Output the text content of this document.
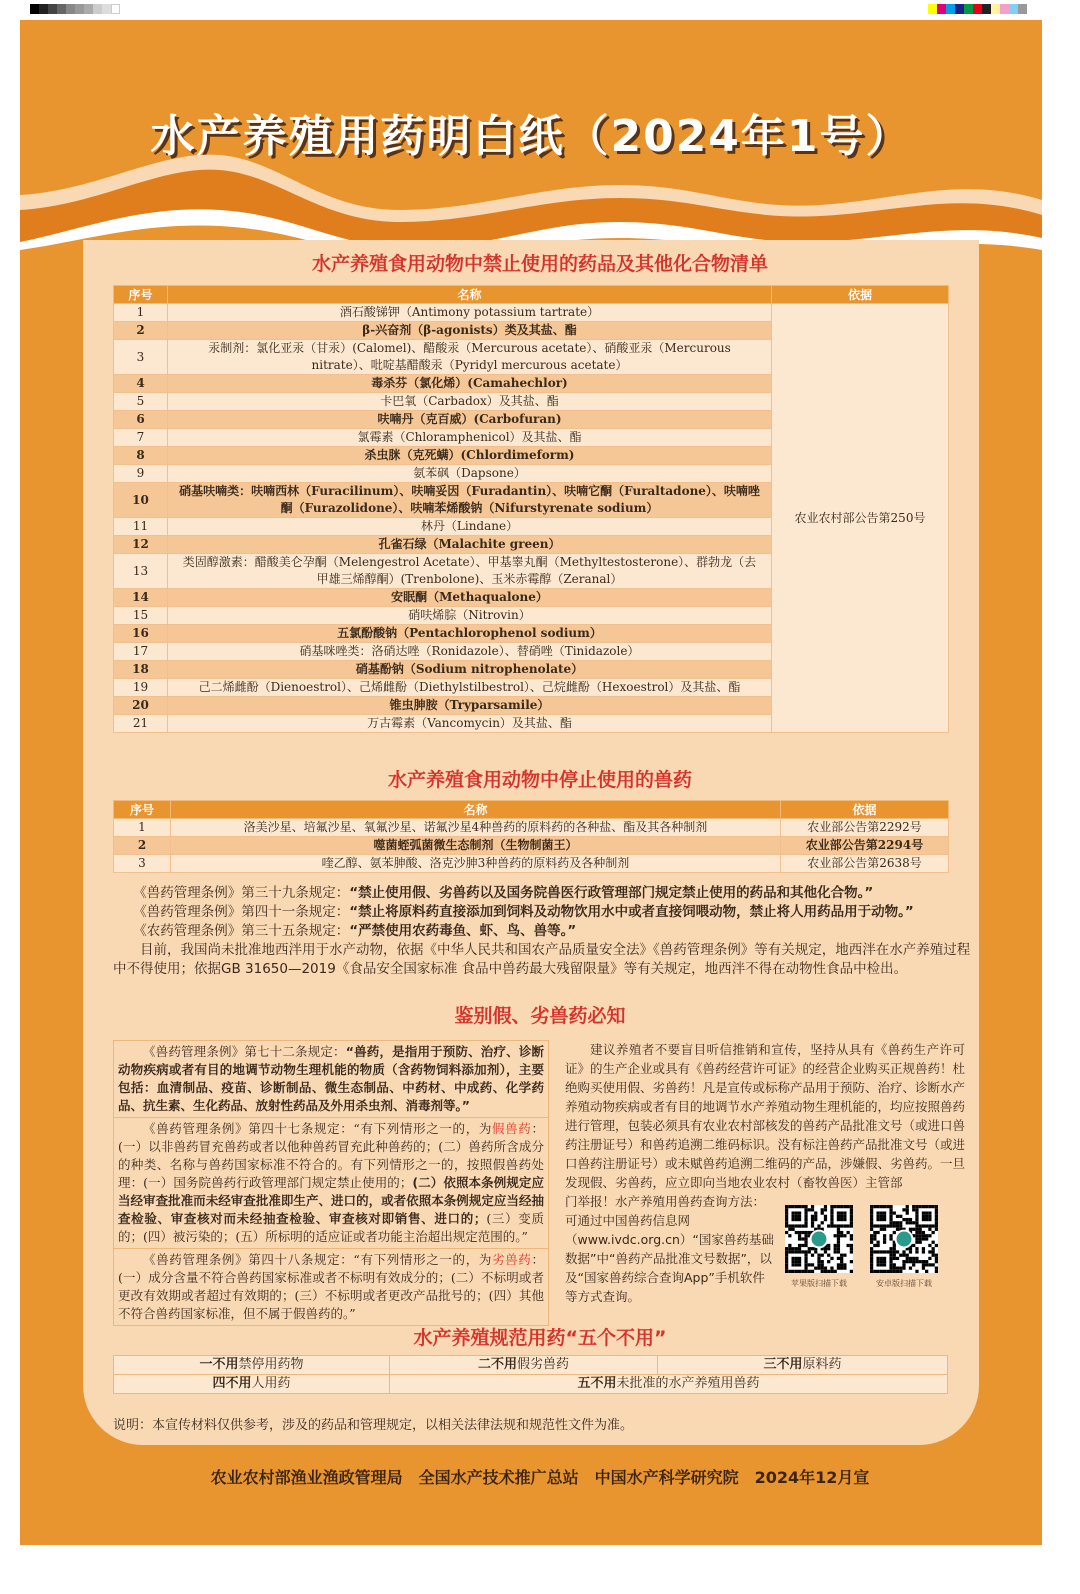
水产养殖用药明白纸（2024年1号）
水产养殖食用动物中禁止使用的药品及其他化合物清单
序号	名称	依据
1	酒石酸锑钾（Antimony potassium tartrate）	农业农村部公告第250号
2	β-兴奋剂（β-agonists）类及其盐、酯	
3	汞制剂：氯化亚汞（甘汞）(Calomel)、醋酸汞（Mercurous acetate）、硝酸亚汞（Mercurous nitrate）、吡啶基醋酸汞（Pyridyl mercurous acetate）	
4	毒杀芬（氯化烯）(Camahechlor)	
5	卡巴氧（Carbadox）及其盐、酯	
6	呋喃丹（克百威）(Carbofuran)	
7	氯霉素（Chloramphenicol）及其盐、酯	
8	杀虫脒（克死螨）(Chlordimeform)	
9	氨苯砜（Dapsone）	
10	硝基呋喃类：呋喃西林（Furacilinum）、呋喃妥因（Furadantin）、呋喃它酮（Furaltadone）、呋喃唑酮（Furazolidone）、呋喃苯烯酸钠（Nifurstyrenate sodium）	
11	林丹（Lindane）	
12	孔雀石绿（Malachite green）	
13	类固醇激素：醋酸美仑孕酮（Melengestrol Acetate）、甲基睾丸酮（Methyltestosterone）、群勃龙（去甲雄三烯醇酮）(Trenbolone)、玉米赤霉醇（Zeranal）	
14	安眠酮（Methaqualone）	
15	硝呋烯腙（Nitrovin）	
16	五氯酚酸钠（Pentachlorophenol sodium）	
17	硝基咪唑类：洛硝达唑（Ronidazole）、替硝唑（Tinidazole）	
18	硝基酚钠（Sodium nitrophenolate）	
19	己二烯雌酚（Dienoestrol）、己烯雌酚（Diethylstilbestrol）、己烷雌酚（Hexoestrol）及其盐、酯	
20	锥虫胂胺（Tryparsamile）	
21	万古霉素（Vancomycin）及其盐、酯	
水产养殖食用动物中停止使用的兽药
序号	名称	依据
1	洛美沙星、培氟沙星、氧氟沙星、诺氟沙星4种兽药的原料药的各种盐、酯及其各种制剂	农业部公告第2292号
2	噬菌蛭弧菌微生态制剂（生物制菌王）	农业部公告第2294号
3	喹乙醇、氨苯胂酸、洛克沙胂3种兽药的原料药及各种制剂	农业部公告第2638号
《兽药管理条例》第三十九条规定：“禁止使用假、劣兽药以及国务院兽医行政管理部门规定禁止使用的药品和其他化合物。”
《兽药管理条例》第四十一条规定：“禁止将原料药直接添加到饲料及动物饮用水中或者直接饲喂动物，禁止将人用药品用于动物。”
《农药管理条例》第三十五条规定：“严禁使用农药毒鱼、虾、鸟、兽等。”
目前，我国尚未批准地西泮用于水产动物，依据《中华人民共和国农产品质量安全法》《兽药管理条例》等有关规定，地西泮在水产养殖过程中不得使用；依据GB 31650—2019《食品安全国家标准 食品中兽药最大残留限量》等有关规定，地西泮不得在动物性食品中检出。
鉴别假、劣兽药必知
《兽药管理条例》第七十二条规定：“兽药，是指用于预防、治疗、诊断动物疾病或者有目的地调节动物生理机能的物质（含药物饲料添加剂），主要包括：血清制品、疫苗、诊断制品、微生态制品、中药材、中成药、化学药品、抗生素、生化药品、放射性药品及外用杀虫剂、消毒剂等。”
《兽药管理条例》第四十七条规定：“有下列情形之一的，为假兽药：(一）以非兽药冒充兽药或者以他种兽药冒充此种兽药的；(二）兽药所含成分的种类、名称与兽药国家标准不符合的。有下列情形之一的，按照假兽药处理：(一）国务院兽药行政管理部门规定禁止使用的；(二）依照本条例规定应当经审查批准而未经审查批准即生产、进口的，或者依照本条例规定应当经抽查检验、审查核对而未经抽查检验、审查核对即销售、进口的；(三）变质的；(四）被污染的；(五）所标明的适应证或者功能主治超出规定范围的。”
《兽药管理条例》第四十八条规定：“有下列情形之一的，为劣兽药：(一）成分含量不符合兽药国家标准或者不标明有效成分的；(二）不标明或者更改有效期或者超过有效期的；(三）不标明或者更改产品批号的；(四）其他不符合兽药国家标准，但不属于假兽药的。”
建议养殖者不要盲目听信推销和宣传，坚持从具有《兽药生产许可证》的生产企业或具有《兽药经营许可证》的经营企业购买正规兽药！杜绝购买使用假、劣兽药！凡是宣传或标称产品用于预防、治疗、诊断水产养殖动物疾病或者有目的地调节水产养殖动物生理机能的，均应按照兽药进行管理，包装必须具有农业农村部核发的兽药产品批准文号（或进口兽药注册证号）和兽药追溯二维码标识。没有标注兽药产品批准文号（或进口兽药注册证号）或未赋兽药追溯二维码的产品，涉嫌假、劣兽药。一旦发现假、劣兽药，应立即向当地农业农村（畜牧兽医）主管部
门举报！水产养殖用兽药查询方法：可通过中国兽药信息网（www.ivdc.org.cn）“国家兽药基础数据”中“兽药产品批准文号数据”，以及“国家兽药综合查询App”手机软件等方式查询。
苹果版扫描下载	安卓版扫描下载
水产养殖规范用药“五个不用”
一不用禁停用药物	二不用假劣兽药	三不用原料药
四不用人用药	五不用未批准的水产养殖用兽药	
说明：本宣传材料仅供参考，涉及的药品和管理规定，以相关法律法规和规范性文件为准。
农业农村部渔业渔政管理局　全国水产技术推广总站　中国水产科学研究院　2024年12月宣
